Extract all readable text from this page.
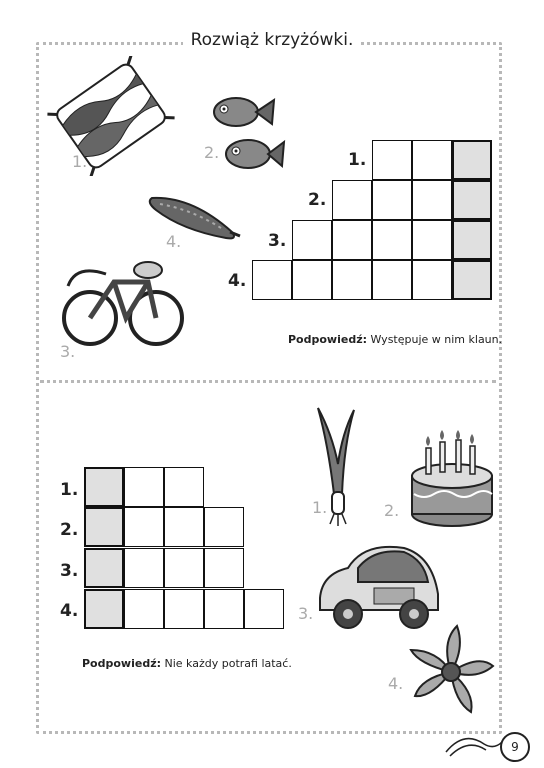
Rozwiąż krzyżówki.
1.
2.
3.
4.
Podpowiedź: Występuje w nim klaun.
1.	2.
3.
4.
1.
2.
3.
4.
Podpowiedź: Nie każdy potrafi latać.
1.	2.
3.
4.
9
